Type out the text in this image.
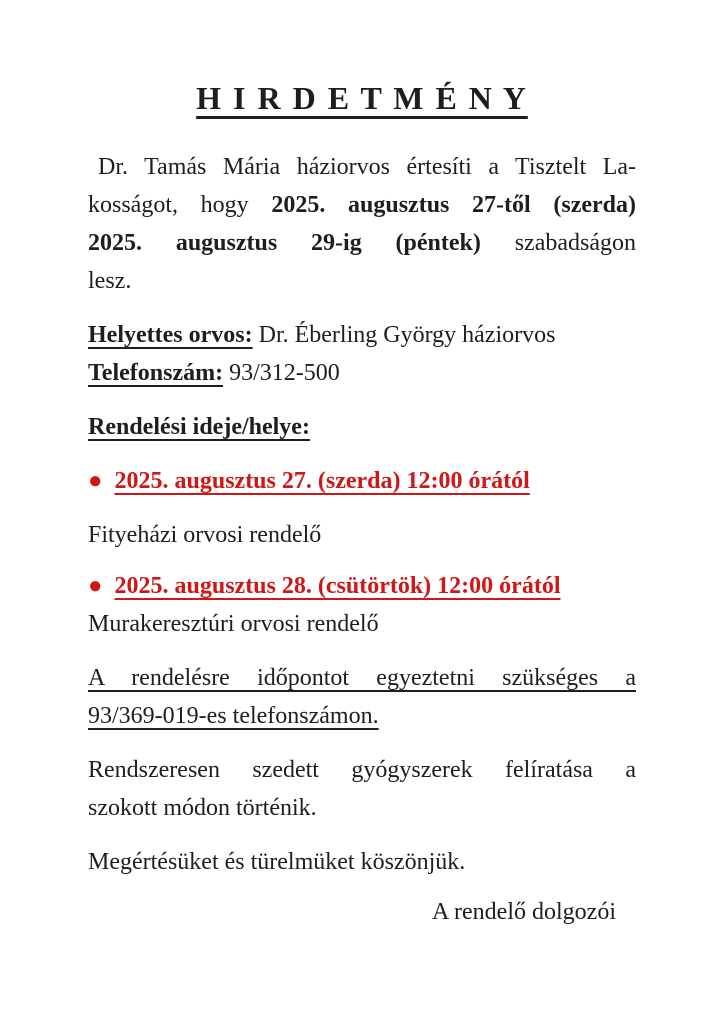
H I R D E T M É N Y
Dr. Tamás Mária háziorvos értesíti a Tisztelt La-
kosságot, hogy 2025. augusztus 27-től (szerda)
2025. augusztus 29-ig (péntek) szabadságon
lesz.
Helyettes orvos: Dr. Éberling György háziorvos
Telefonszám: 93/312-500
Rendelési ideje/helye:
● 2025. augusztus 27. (szerda) 12:00 órától
Fityeházi orvosi rendelő
● 2025. augusztus 28. (csütörtök) 12:00 órától
Murakeresztúri orvosi rendelő
A rendelésre időpontot egyeztetni szükséges a
93/369-019-es telefonszámon.
Rendszeresen szedett gyógyszerek felíratása a
szokott módon történik.
Megértésüket és türelmüket köszönjük.
A rendelő dolgozói
